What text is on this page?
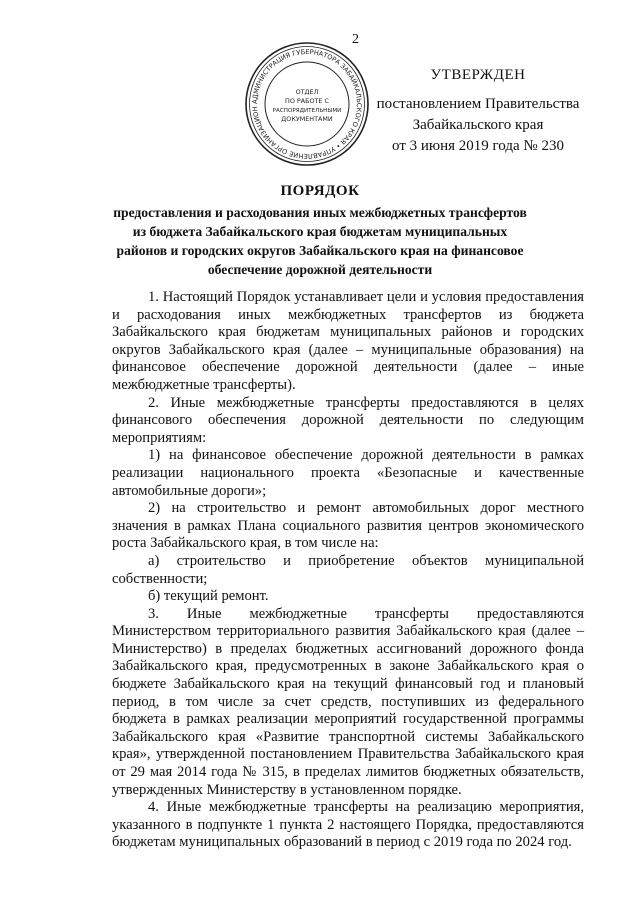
2
АДМИНИСТРАЦИЯ ГУБЕРНАТОРА ЗАБАЙКАЛЬСКОГО КРАЯ • УПРАВЛЕНИЕ ОРГАНИЗАЦИОН
ОТДЕЛ
ПО РАБОТЕ С
РАСПОРЯДИТЕЛЬНЫМИ
ДОКУМЕНТАМИ
УТВЕРЖДЕН
постановлением Правительства
Забайкальского края
от 3 июня 2019 года № 230
ПОРЯДОК
предоставления и расходования иных межбюджетных трансфертов из бюджета Забайкальского края бюджетам муниципальных районов и городских округов Забайкальского края на финансовое обеспечение дорожной деятельности

1. Настоящий Порядок устанавливает цели и условия предоставления и расходования иных межбюджетных трансфертов из бюджета Забайкальского края бюджетам муниципальных районов и городских округов Забайкальского края (далее – муниципальные образования) на финансовое обеспечение дорожной деятельности (далее – иные межбюджетные трансферты).

2. Иные межбюджетные трансферты предоставляются в целях финансового обеспечения дорожной деятельности по следующим мероприятиям:

1) на финансовое обеспечение дорожной деятельности в рамках реализации национального проекта «Безопасные и качественные автомобильные дороги»;

2) на строительство и ремонт автомобильных дорог местного значения в рамках Плана социального развития центров экономического роста Забайкальского края, в том числе на:

а) строительство и приобретение объектов муниципальной собственности;

б) текущий ремонт.

3. Иные межбюджетные трансферты предоставляются Министерством территориального развития Забайкальского края (далее – Министерство) в пределах бюджетных ассигнований дорожного фонда Забайкальского края, предусмотренных в законе Забайкальского края о бюджете Забайкальского края на текущий финансовый год и плановый период, в том числе за счет средств, поступивших из федерального бюджета в рамках реализации мероприятий государственной программы Забайкальского края «Развитие транспортной системы Забайкальского края», утвержденной постановлением Правительства Забайкальского края от 29 мая 2014 года № 315, в пределах лимитов бюджетных обязательств, утвержденных Министерству в установленном порядке.

4. Иные межбюджетные трансферты на реализацию мероприятия, указанного в подпункте 1 пункта 2 настоящего Порядка, предоставляются бюджетам муниципальных образований в период с 2019 года по 2024 год.
